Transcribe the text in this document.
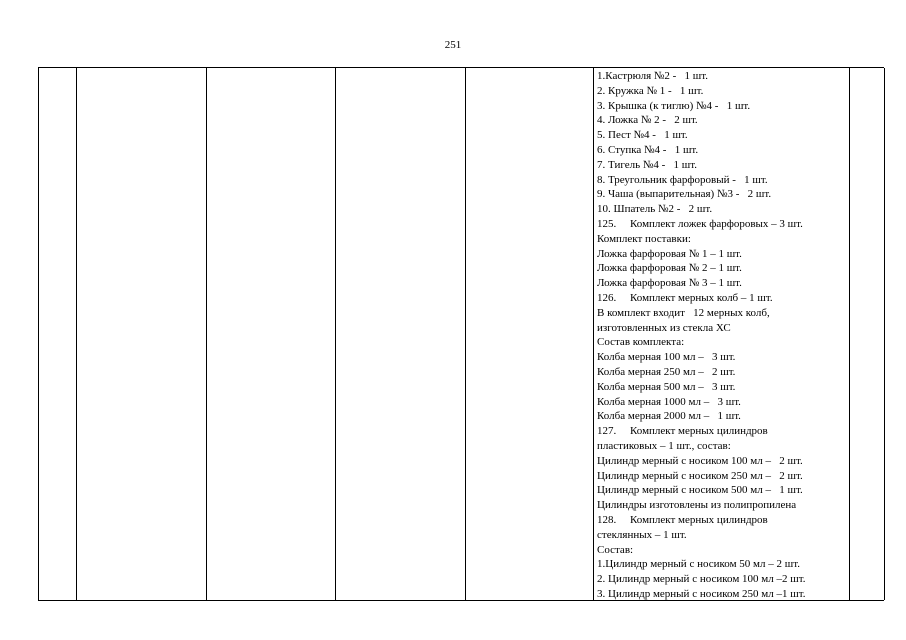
251
1.Кастрюля №2 -   1 шт.
2. Кружка № 1 -   1 шт.
3. Крышка (к тиглю) №4 -   1 шт.
4. Ложка № 2 -   2 шт.
5. Пест №4 -   1 шт.
6. Ступка №4 -   1 шт.
7. Тигель №4 -   1 шт.
8. Треугольник фарфоровый -   1 шт.
9. Чаша (выпарительная) №3 -   2 шт.
10. Шпатель №2 -   2 шт.
125.     Комплект ложек фарфоровых – 3 шт.
Комплект поставки:
Ложка фарфоровая № 1 – 1 шт.
Ложка фарфоровая № 2 – 1 шт.
Ложка фарфоровая № 3 – 1 шт.
126.     Комплект мерных колб – 1 шт.
В комплект входит   12 мерных колб,
изготовленных из стекла ХС
Состав комплекта:
Колба мерная 100 мл –   3 шт.
Колба мерная 250 мл –   2 шт.
Колба мерная 500 мл –   3 шт.
Колба мерная 1000 мл –   3 шт.
Колба мерная 2000 мл –   1 шт.
127.     Комплект мерных цилиндров
пластиковых – 1 шт., состав:
Цилиндр мерный с носиком 100 мл –   2 шт.
Цилиндр мерный с носиком 250 мл –   2 шт.
Цилиндр мерный с носиком 500 мл –   1 шт.
Цилиндры изготовлены из полипропилена
128.     Комплект мерных цилиндров
стеклянных – 1 шт.
Состав:
1.Цилиндр мерный с носиком 50 мл – 2 шт.
2. Цилиндр мерный с носиком 100 мл –2 шт.
3. Цилиндр мерный с носиком 250 мл –1 шт.
